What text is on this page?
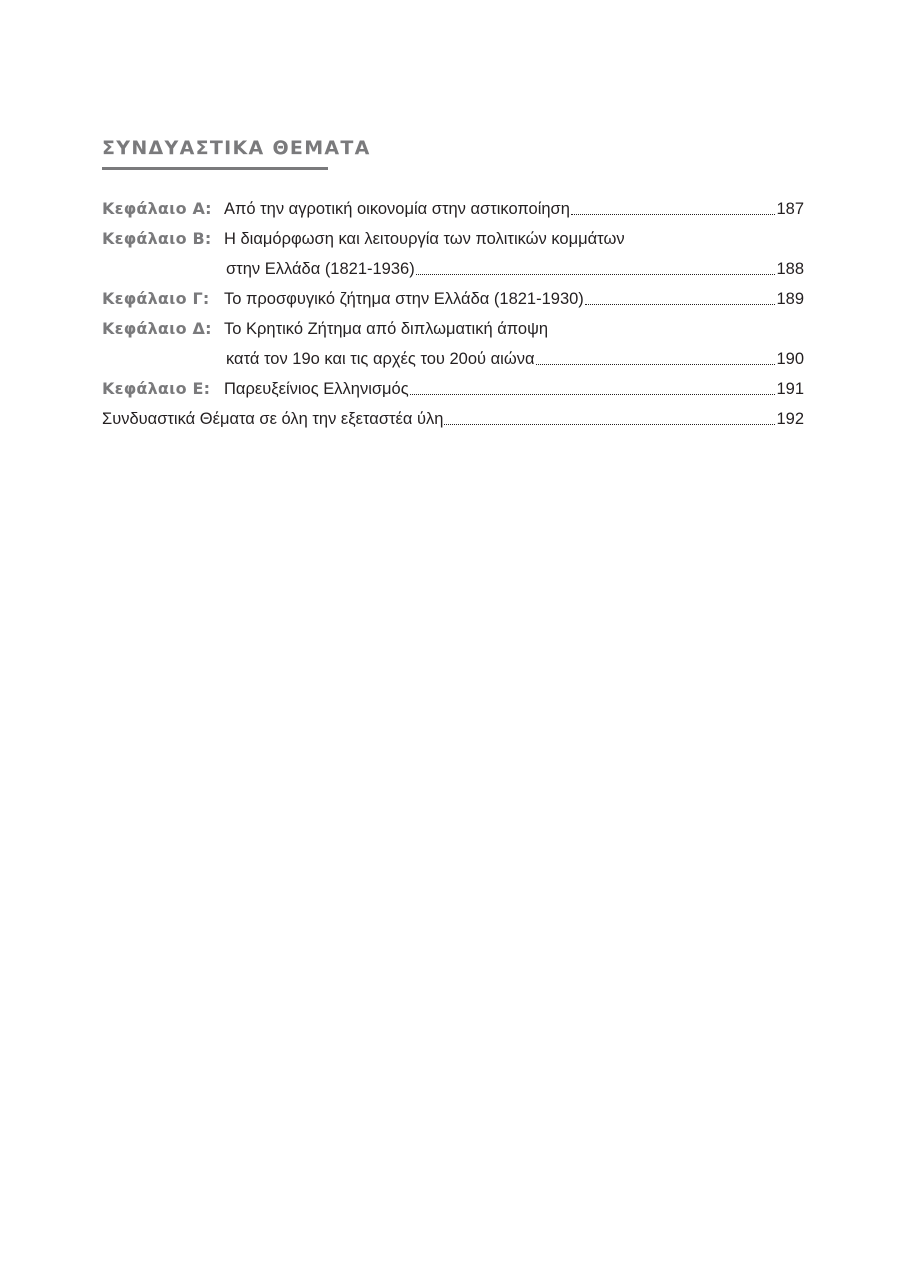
ΣΥΝΔΥΑΣΤΙΚΑ ΘΕΜΑΤΑ
Κεφάλαιο Α: Από την αγροτική οικονομία στην αστικοποίηση	187
Κεφάλαιο Β: Η διαμόρφωση και λειτουργία των πολιτικών κομμάτων
στην Ελλάδα (1821-1936)	188
Κεφάλαιο Γ: Το προσφυγικό ζήτημα στην Ελλάδα (1821-1930)	189
Κεφάλαιο Δ: Το Κρητικό Ζήτημα από διπλωματική άποψη
κατά τον 19ο και τις αρχές του 20ού αιώνα	190
Κεφάλαιο Ε: Παρευξείνιος Ελληνισμός	191
Συνδυαστικά Θέματα σε όλη την εξεταστέα ύλη	192
